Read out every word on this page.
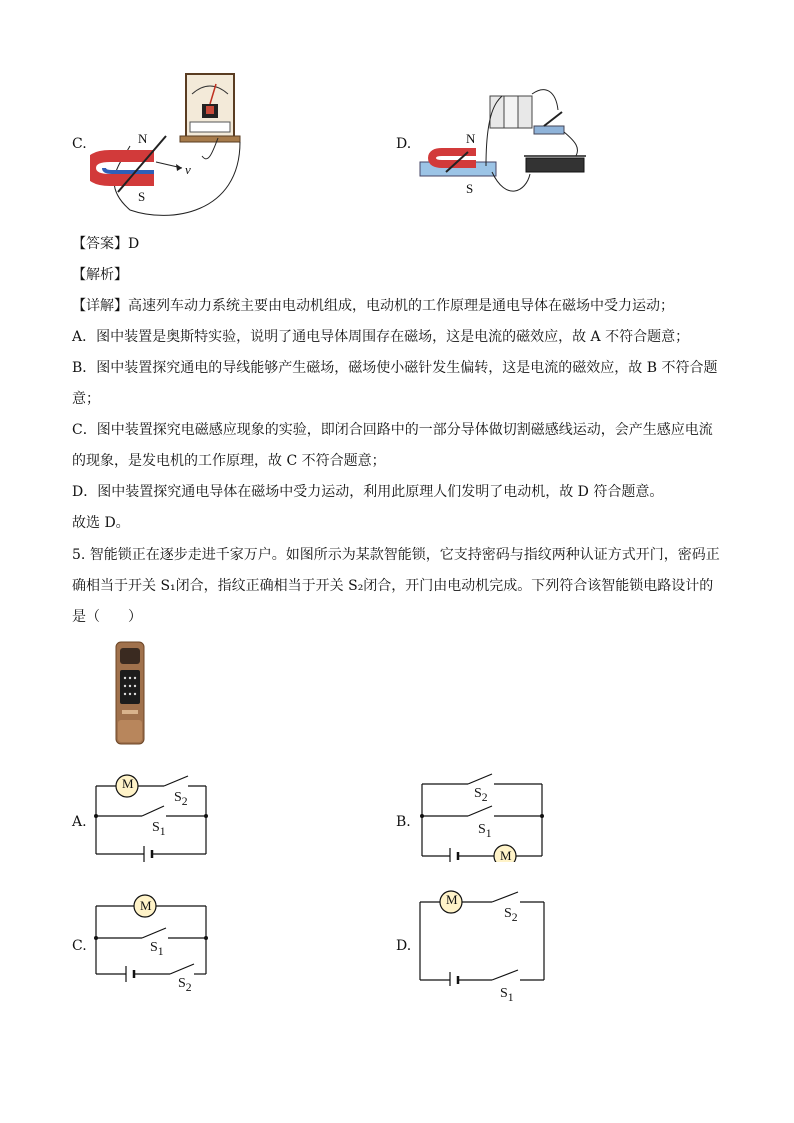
C.	N
S
v
D.	N
S
【答案】D
【解析】
【详解】高速列车动力系统主要由电动机组成，电动机的工作原理是通电导体在磁场中受力运动；
A．图中装置是奥斯特实验，说明了通电导体周围存在磁场，这是电流的磁效应，故 A 不符合题意；
B．图中装置探究通电的导线能够产生磁场，磁场使小磁针发生偏转，这是电流的磁效应，故 B 不符合题
意；
C．图中装置探究电磁感应现象的实验，即闭合回路中的一部分导体做切割磁感线运动，会产生感应电流
的现象，是发电机的工作原理，故 C 不符合题意；
D．图中装置探究通电导体在磁场中受力运动，利用此原理人们发明了电动机，故 D 符合题意。
故选 D。
5. 智能锁正在逐步走进千家万户。如图所示为某款智能锁，它支持密码与指纹两种认证方式开门，密码正
确相当于开关 S₁闭合，指纹正确相当于开关 S₂闭合，开门由电动机完成。下列符合该智能锁电路设计的
是（　　）
A.
M
$S_2$
$S_1$
B.
M
$S_2$
$S_1$
C.
M
$S_1$
$S_2$
D.
M
$S_2$
$S_1$
